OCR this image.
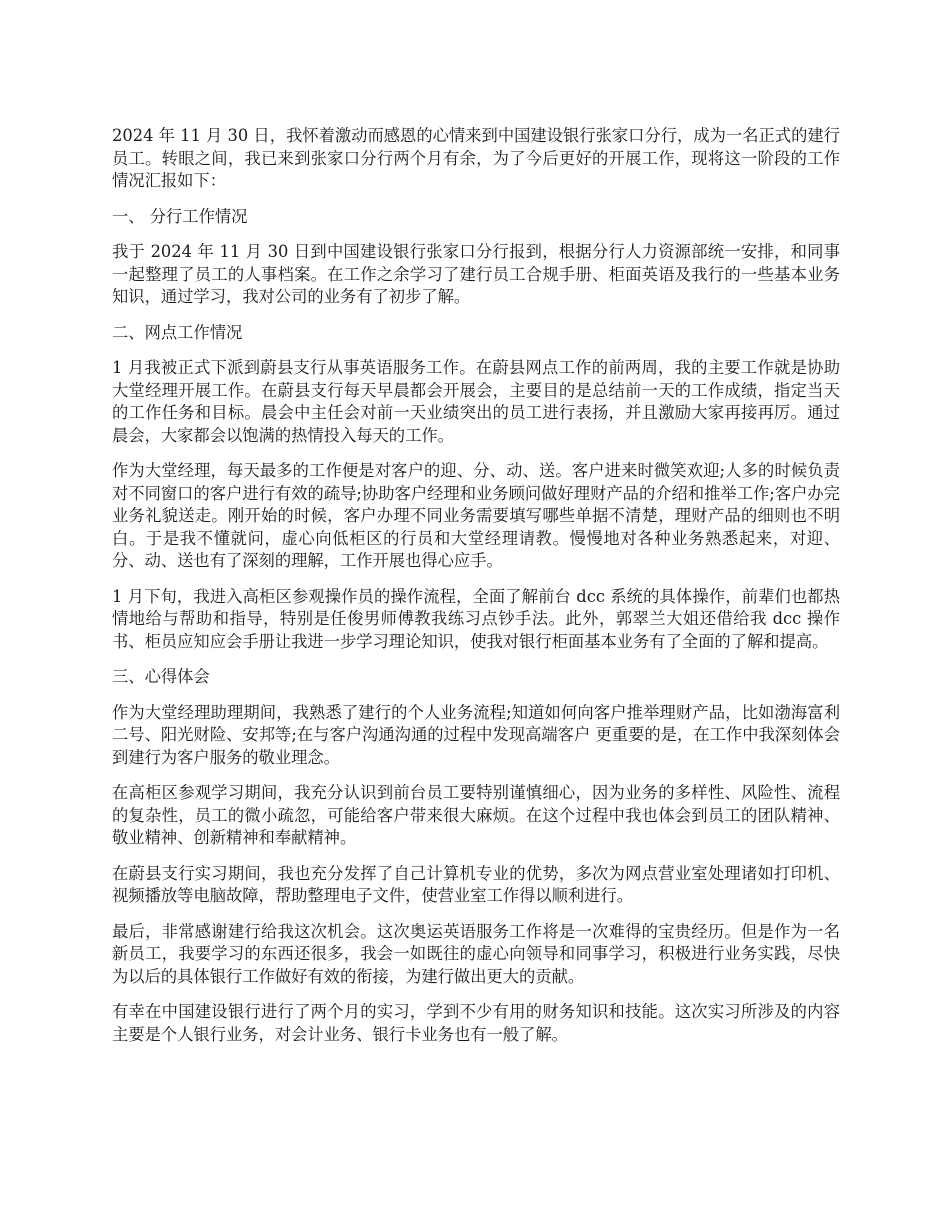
2024 年 11 月 30 日，我怀着激动而感恩的心情来到中国建设银行张家口分行，成为一名正式的建行员工。转眼之间，我已来到张家口分行两个月有余，为了今后更好的开展工作，现将这一阶段的工作情况汇报如下：

一、 分行工作情况

我于 2024 年 11 月 30 日到中国建设银行张家口分行报到，根据分行人力资源部统一安排，和同事一起整理了员工的人事档案。在工作之余学习了建行员工合规手册、柜面英语及我行的一些基本业务知识，通过学习，我对公司的业务有了初步了解。

二、网点工作情况

1 月我被正式下派到蔚县支行从事英语服务工作。在蔚县网点工作的前两周，我的主要工作就是协助大堂经理开展工作。在蔚县支行每天早晨都会开展会，主要目的是总结前一天的工作成绩，指定当天的工作任务和目标。晨会中主任会对前一天业绩突出的员工进行表扬，并且激励大家再接再厉。通过晨会，大家都会以饱满的热情投入每天的工作。

作为大堂经理，每天最多的工作便是对客户的迎、分、动、送。客户进来时微笑欢迎;人多的时候负责对不同窗口的客户进行有效的疏导;协助客户经理和业务顾问做好理财产品的介绍和推举工作;客户办完业务礼貌送走。刚开始的时候，客户办理不同业务需要填写哪些单据不清楚，理财产品的细则也不明白。于是我不懂就问，虚心向低柜区的行员和大堂经理请教。慢慢地对各种业务熟悉起来，对迎、分、动、送也有了深刻的理解，工作开展也得心应手。

1 月下旬，我进入高柜区参观操作员的操作流程，全面了解前台 dcc 系统的具体操作，前辈们也都热情地给与帮助和指导，特别是任俊男师傅教我练习点钞手法。此外，郭翠兰大姐还借给我 dcc 操作书、柜员应知应会手册让我进一步学习理论知识，使我对银行柜面基本业务有了全面的了解和提高。

三、心得体会

作为大堂经理助理期间，我熟悉了建行的个人业务流程;知道如何向客户推举理财产品，比如渤海富利二号、阳光财险、安邦等;在与客户沟通沟通的过程中发现高端客户 更重要的是，在工作中我深刻体会到建行为客户服务的敬业理念。

在高柜区参观学习期间，我充分认识到前台员工要特别谨慎细心，因为业务的多样性、风险性、流程的复杂性，员工的微小疏忽，可能给客户带来很大麻烦。在这个过程中我也体会到员工的团队精神、敬业精神、创新精神和奉献精神。

在蔚县支行实习期间，我也充分发挥了自己计算机专业的优势，多次为网点营业室处理诸如打印机、视频播放等电脑故障，帮助整理电子文件，使营业室工作得以顺利进行。

最后，非常感谢建行给我这次机会。这次奥运英语服务工作将是一次难得的宝贵经历。但是作为一名新员工，我要学习的东西还很多，我会一如既往的虚心向领导和同事学习，积极进行业务实践，尽快为以后的具体银行工作做好有效的衔接，为建行做出更大的贡献。

有幸在中国建设银行进行了两个月的实习，学到不少有用的财务知识和技能。这次实习所涉及的内容主要是个人银行业务，对会计业务、银行卡业务也有一般了解。
